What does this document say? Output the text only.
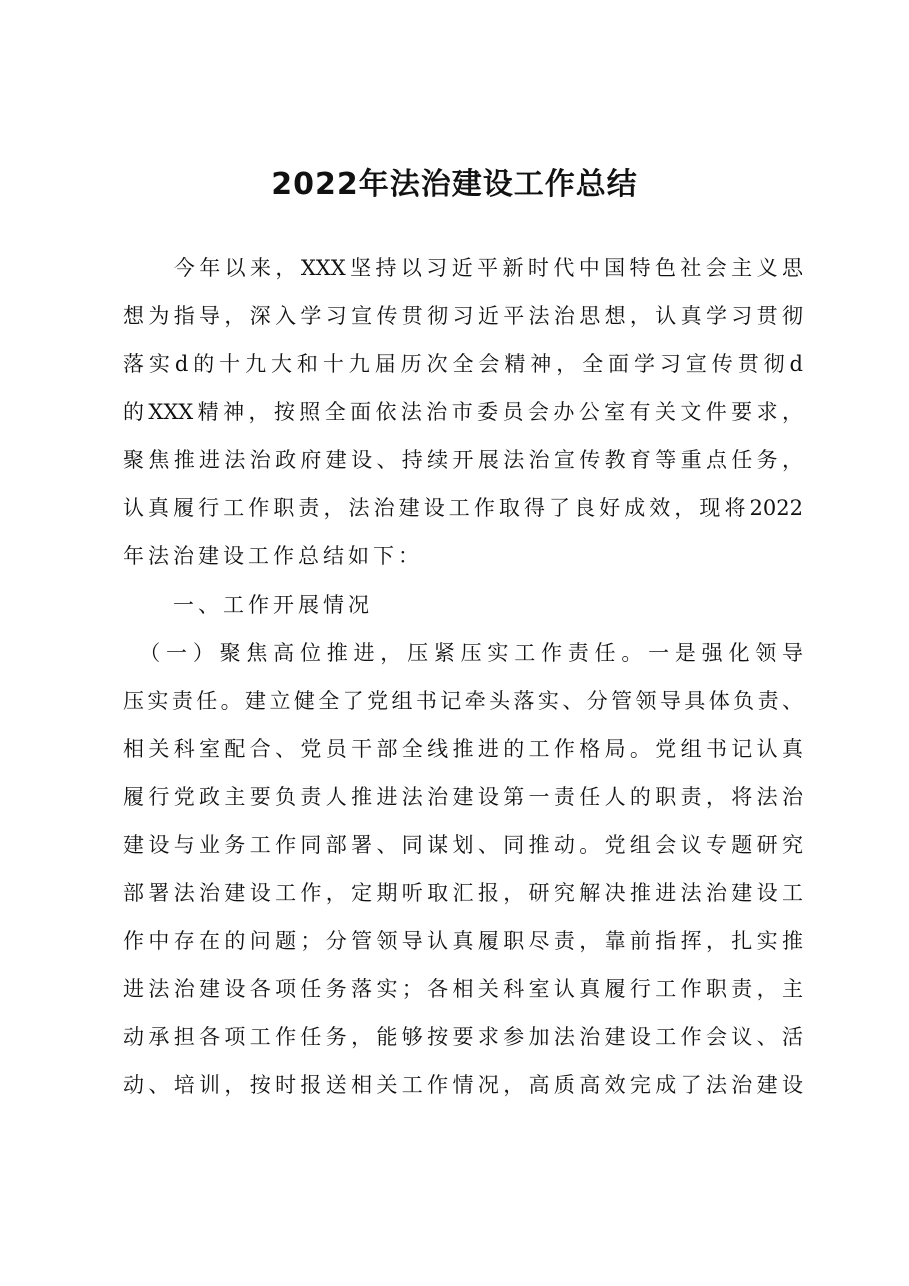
2022年法治建设工作总结
　　今年以来，XXX坚持以习近平新时代中国特色社会主义思
想为指导，深入学习宣传贯彻习近平法治思想，认真学习贯彻
落实d的十九大和十九届历次全会精神，全面学习宣传贯彻d
的XXX精神，按照全面依法治市委员会办公室有关文件要求，
聚焦推进法治政府建设、持续开展法治宣传教育等重点任务，
认真履行工作职责，法治建设工作取得了良好成效，现将2022
年法治建设工作总结如下：
　　一、工作开展情况
　（一）聚焦高位推进，压紧压实工作责任。一是强化领导
压实责任。建立健全了党组书记牵头落实、分管领导具体负责、
相关科室配合、党员干部全线推进的工作格局。党组书记认真
履行党政主要负责人推进法治建设第一责任人的职责，将法治
建设与业务工作同部署、同谋划、同推动。党组会议专题研究
部署法治建设工作，定期听取汇报，研究解决推进法治建设工
作中存在的问题；分管领导认真履职尽责，靠前指挥，扎实推
进法治建设各项任务落实；各相关科室认真履行工作职责，主
动承担各项工作任务，能够按要求参加法治建设工作会议、活
动、培训，按时报送相关工作情况，高质高效完成了法治建设
